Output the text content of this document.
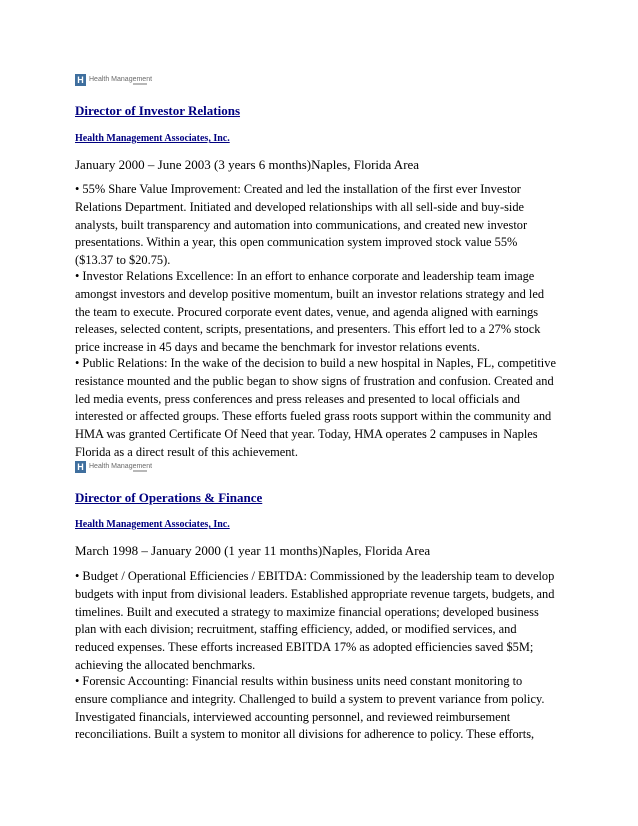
H Health Management
Director of Investor Relations
Health Management Associates, Inc.
January 2000 – June 2003 (3 years 6 months)Naples, Florida Area
• 55% Share Value Improvement: Created and led the installation of the first ever Investor
Relations Department. Initiated and developed relationships with all sell-side and buy-side
analysts, built transparency and automation into communications, and created new investor
presentations. Within a year, this open communication system improved stock value 55%
($13.37 to $20.75).
• Investor Relations Excellence: In an effort to enhance corporate and leadership team image
amongst investors and develop positive momentum, built an investor relations strategy and led
the team to execute. Procured corporate event dates, venue, and agenda aligned with earnings
releases, selected content, scripts, presentations, and presenters. This effort led to a 27% stock
price increase in 45 days and became the benchmark for investor relations events.
• Public Relations: In the wake of the decision to build a new hospital in Naples, FL, competitive
resistance mounted and the public began to show signs of frustration and confusion. Created and
led media events, press conferences and press releases and presented to local officials and
interested or affected groups. These efforts fueled grass roots support within the community and
HMA was granted Certificate Of Need that year. Today, HMA operates 2 campuses in Naples
Florida as a direct result of this achievement.
H Health Management
Director of Operations & Finance
Health Management Associates, Inc.
March 1998 – January 2000 (1 year 11 months)Naples, Florida Area
• Budget / Operational Efficiencies / EBITDA: Commissioned by the leadership team to develop
budgets with input from divisional leaders. Established appropriate revenue targets, budgets, and
timelines. Built and executed a strategy to maximize financial operations; developed business
plan with each division; recruitment, staffing efficiency, added, or modified services, and
reduced expenses. These efforts increased EBITDA 17% as adopted efficiencies saved $5M;
achieving the allocated benchmarks.
• Forensic Accounting: Financial results within business units need constant monitoring to
ensure compliance and integrity. Challenged to build a system to prevent variance from policy.
Investigated financials, interviewed accounting personnel, and reviewed reimbursement
reconciliations. Built a system to monitor all divisions for adherence to policy. These efforts,
